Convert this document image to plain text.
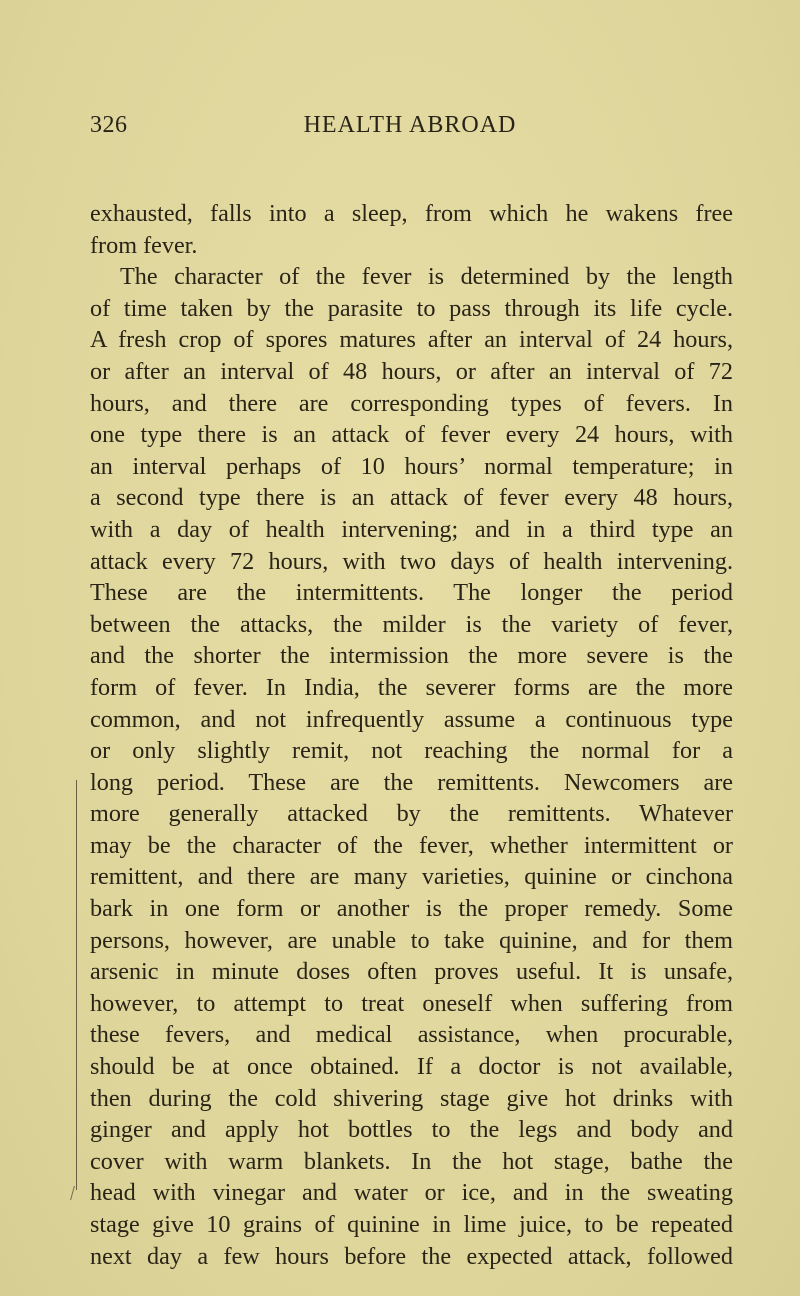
326	HEALTH ABROAD
exhausted, falls into a sleep, from which he wakens free
from fever.
The character of the fever is determined by the length
of time taken by the parasite to pass through its life cycle.
A fresh crop of spores matures after an interval of 24 hours,
or after an interval of 48 hours, or after an interval of 72
hours, and there are corresponding types of fevers. In
one type there is an attack of fever every 24 hours, with
an interval perhaps of 10 hours’ normal temperature; in
a second type there is an attack of fever every 48 hours,
with a day of health intervening; and in a third type an
attack every 72 hours, with two days of health intervening.
These are the intermittents. The longer the period
between the attacks, the milder is the variety of fever,
and the shorter the intermission the more severe is the
form of fever. In India, the severer forms are the more
common, and not infrequently assume a continuous type
or only slightly remit, not reaching the normal for a
long period. These are the remittents. Newcomers are
more generally attacked by the remittents. Whatever
may be the character of the fever, whether intermittent or
remittent, and there are many varieties, quinine or cinchona
bark in one form or another is the proper remedy. Some
persons, however, are unable to take quinine, and for them
arsenic in minute doses often proves useful. It is unsafe,
however, to attempt to treat oneself when suffering from
these fevers, and medical assistance, when procurable,
should be at once obtained. If a doctor is not available,
then during the cold shivering stage give hot drinks with
ginger and apply hot bottles to the legs and body and
cover with warm blankets. In the hot stage, bathe the
head with vinegar and water or ice, and in the sweating
stage give 10 grains of quinine in lime juice, to be repeated
next day a few hours before the expected attack, followed
